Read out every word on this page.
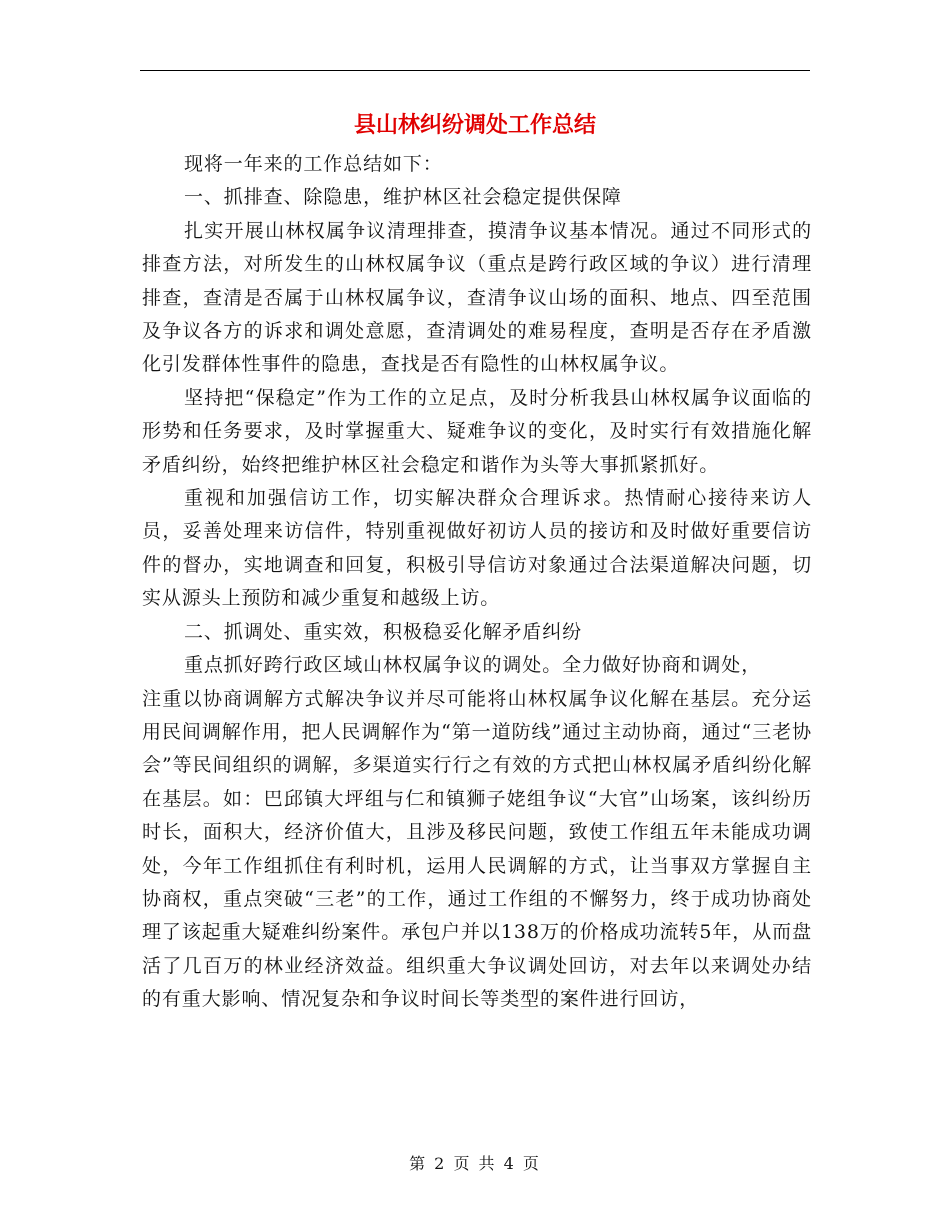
县山林纠纷调处工作总结

现将一年来的工作总结如下：

一、抓排查、除隐患，维护林区社会稳定提供保障

扎实开展山林权属争议清理排查，摸清争议基本情况。通过不同形式的排查方法，对所发生的山林权属争议（重点是跨行政区域的争议）进行清理排查，查清是否属于山林权属争议，查清争议山场的面积、地点、四至范围及争议各方的诉求和调处意愿，查清调处的难易程度，查明是否存在矛盾激化引发群体性事件的隐患，查找是否有隐性的山林权属争议。

坚持把“保稳定”作为工作的立足点，及时分析我县山林权属争议面临的形势和任务要求，及时掌握重大、疑难争议的变化，及时实行有效措施化解矛盾纠纷，始终把维护林区社会稳定和谐作为头等大事抓紧抓好。

重视和加强信访工作，切实解决群众合理诉求。热情耐心接待来访人员，妥善处理来访信件，特别重视做好初访人员的接访和及时做好重要信访件的督办，实地调查和回复，积极引导信访对象通过合法渠道解决问题，切实从源头上预防和减少重复和越级上访。

二、抓调处、重实效，积极稳妥化解矛盾纠纷

重点抓好跨行政区域山林权属争议的调处。全力做好协商和调处，

注重以协商调解方式解决争议并尽可能将山林权属争议化解在基层。充分运用民间调解作用，把人民调解作为“第一道防线”通过主动协商，通过“三老协会”等民间组织的调解，多渠道实行行之有效的方式把山林权属矛盾纠纷化解在基层。如：巴邱镇大坪组与仁和镇狮子姥组争议“大官”山场案，该纠纷历时长，面积大，经济价值大，且涉及移民问题，致使工作组五年未能成功调处，今年工作组抓住有利时机，运用人民调解的方式，让当事双方掌握自主协商权，重点突破“三老”的工作，通过工作组的不懈努力，终于成功协商处理了该起重大疑难纠纷案件。承包户并以138万的价格成功流转5年，从而盘活了几百万的林业经济效益。组织重大争议调处回访，对去年以来调处办结的有重大影响、情况复杂和争议时间长等类型的案件进行回访，

第 2 页 共 4 页
